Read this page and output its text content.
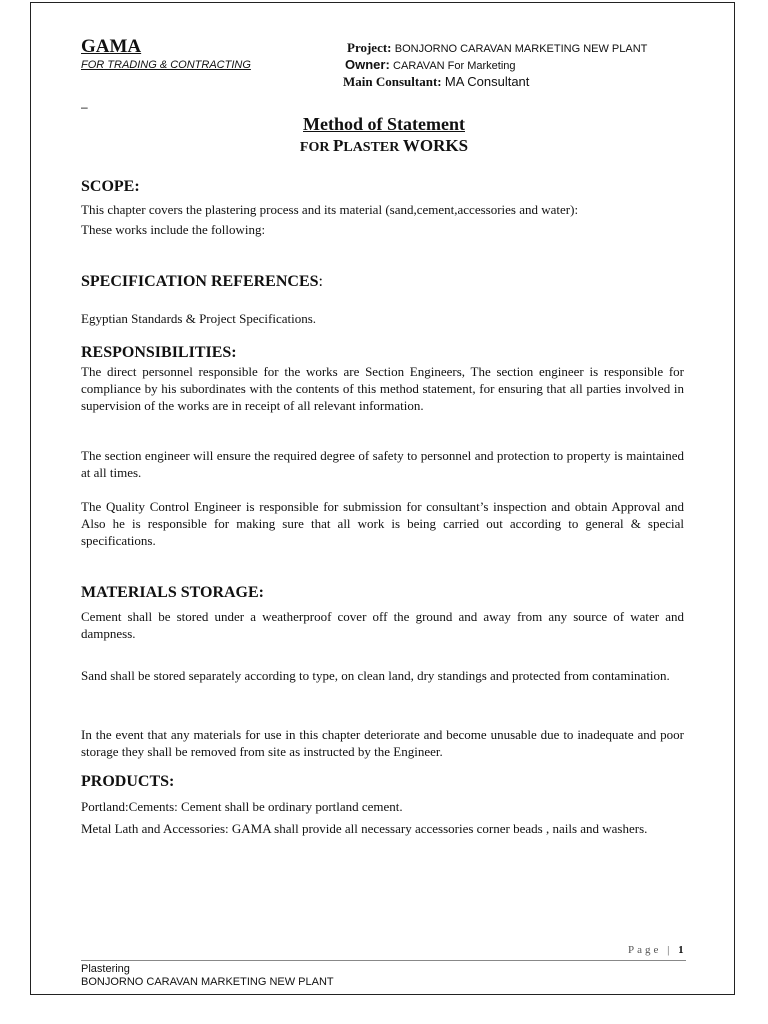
GAMA
FOR TRADING & CONTRACTING
Project: BONJORNO CARAVAN MARKETING NEW PLANT
Owner: CARAVAN For Marketing
Main Consultant: MA Consultant
–
Method of Statement
FOR PLASTER WORKS
SCOPE:
This chapter covers the plastering process and its material (sand,cement,accessories and water):
These works include the following:
SPECIFICATION REFERENCES:
Egyptian Standards & Project Specifications.
RESPONSIBILITIES:
The direct personnel responsible for the works are Section Engineers, The section engineer is responsible for compliance by his subordinates with the contents of this method statement, for ensuring that all parties involved in supervision of the works are in receipt of all relevant information.
The section engineer will ensure the required degree of safety to personnel and protection to property is maintained at all times.
The Quality Control Engineer is responsible for submission for consultant’s inspection and obtain Approval and Also he is responsible for making sure that all work is being carried out according to general & special specifications.
MATERIALS STORAGE:
Cement shall be stored under a weatherproof cover off the ground and away from any source of water and dampness.
Sand shall be stored separately according to type, on clean land, dry standings and protected from contamination.
In the event that any materials for use in this chapter deteriorate and become unusable due to inadequate and poor storage they shall be removed from site as instructed by the Engineer.
PRODUCTS:
Portland:Cements: Cement shall be ordinary portland cement.
Metal Lath and Accessories: GAMA shall provide all necessary accessories corner beads , nails and washers.
Page | 1
Plastering
BONJORNO CARAVAN MARKETING NEW PLANT
